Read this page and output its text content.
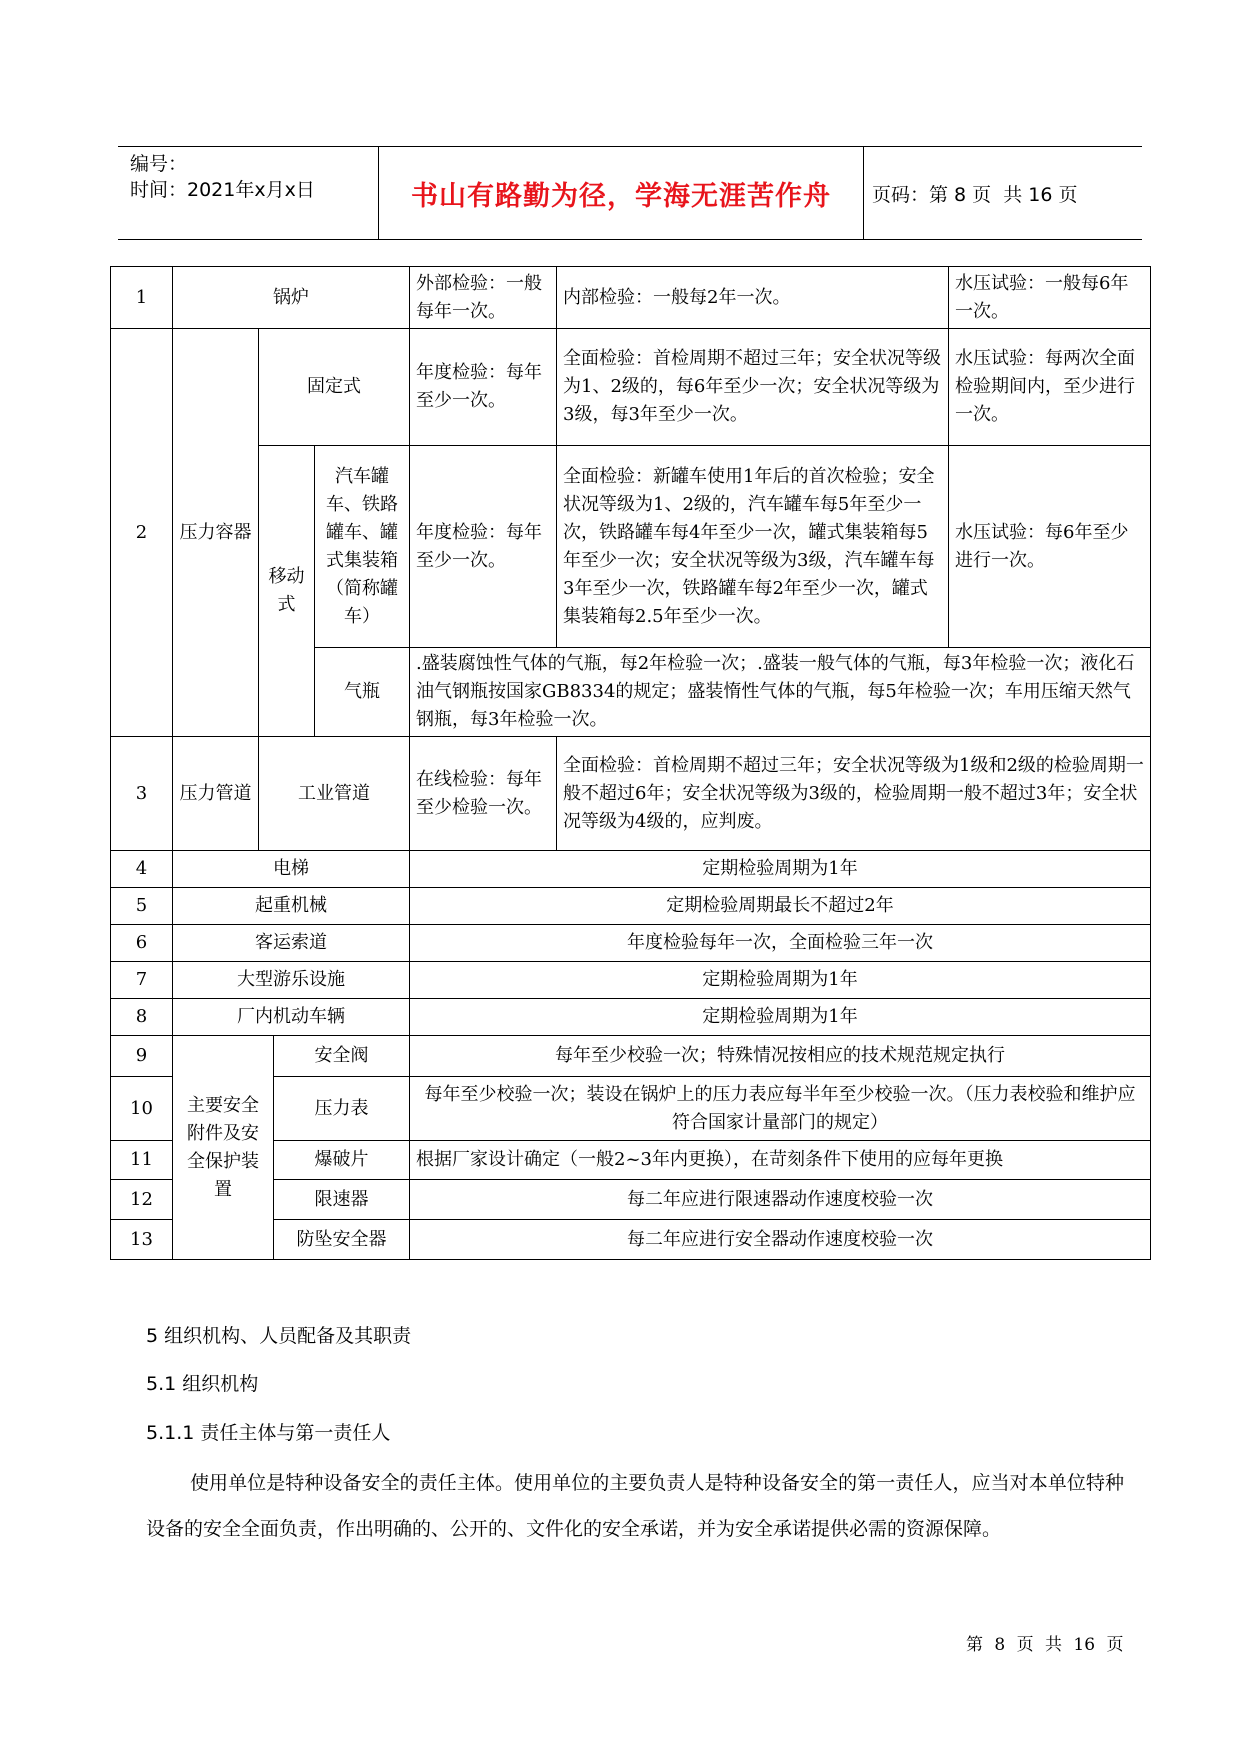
编号：
时间：2021年x月x日	书山有路勤为径，学海无涯苦作舟	页码：第 8 页  共 16 页
1	锅炉				外部检验：一般每年一次。	内部检验：一般每2年一次。	水压试验：一般每6年一次。
2	压力容器	固定式			年度检验：每年至少一次。	全面检验：首检周期不超过三年；安全状况等级为1、2级的，每6年至少一次；安全状况等级为3级，每3年至少一次。	水压试验：每两次全面检验期间内，至少进行一次。
		移动式		汽车罐车、铁路罐车、罐式集装箱（简称罐车）	年度检验：每年至少一次。	全面检验：新罐车使用1年后的首次检验；安全状况等级为1、2级的，汽车罐车每5年至少一次，铁路罐车每4年至少一次，罐式集装箱每5年至少一次；安全状况等级为3级，汽车罐车每3年至少一次，铁路罐车每2年至少一次，罐式集装箱每2.5年至少一次。	水压试验：每6年至少进行一次。
				气瓶	.盛装腐蚀性气体的气瓶，每2年检验一次；.盛装一般气体的气瓶，每3年检验一次；液化石油气钢瓶按国家GB8334的规定；盛装惰性气体的气瓶，每5年检验一次；车用压缩天然气钢瓶，每3年检验一次。		
3	压力管道	工业管道			在线检验：每年至少检验一次。	全面检验：首检周期不超过三年；安全状况等级为1级和2级的检验周期一般不超过6年；安全状况等级为3级的，检验周期一般不超过3年；安全状况等级为4级的，应判废。	
4	电梯				定期检验周期为1年		
5	起重机械				定期检验周期最长不超过2年		
6	客运索道				年度检验每年一次，全面检验三年一次		
7	大型游乐设施				定期检验周期为1年		
8	厂内机动车辆				定期检验周期为1年		
9	主要安全附件及安全保护装置		安全阀		每年至少校验一次；特殊情况按相应的技术规范规定执行		
10			压力表		每年至少校验一次；装设在锅炉上的压力表应每半年至少校验一次。（压力表校验和维护应符合国家计量部门的规定）		
11			爆破片		根据厂家设计确定（一般2~3年内更换），在苛刻条件下使用的应每年更换		
12			限速器		每二年应进行限速器动作速度校验一次		
13			防坠安全器		每二年应进行安全器动作速度校验一次		
5 组织机构、人员配备及其职责
5.1 组织机构
5.1.1 责任主体与第一责任人
使用单位是特种设备安全的责任主体。使用单位的主要负责人是特种设备安全的第一责任人，应当对本单位特种设备的安全全面负责，作出明确的、公开的、文件化的安全承诺，并为安全承诺提供必需的资源保障。
第 8 页 共 16 页
